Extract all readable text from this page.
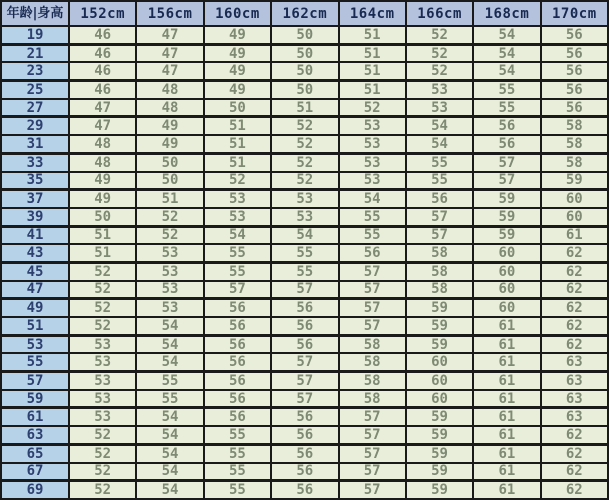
年龄|身高	152cm	156cm	160cm	162cm	164cm	166cm	168cm	170cm
19	46	47	49	50	51	52	54	56
21	46	47	49	50	51	52	54	56
23	46	47	49	50	51	52	54	56
25	46	48	49	50	51	53	55	56
27	47	48	50	51	52	53	55	56
29	47	49	51	52	53	54	56	58
31	48	49	51	52	53	54	56	58
33	48	50	51	52	53	55	57	58
35	49	50	52	52	53	55	57	59
37	49	51	53	53	54	56	59	60
39	50	52	53	53	55	57	59	60
41	51	52	54	54	55	57	59	61
43	51	53	55	55	56	58	60	62
45	52	53	55	55	57	58	60	62
47	52	53	57	57	57	58	60	62
49	52	53	56	56	57	59	60	62
51	52	54	56	56	57	59	61	62
53	53	54	56	56	58	59	61	62
55	53	54	56	57	58	60	61	63
57	53	55	56	57	58	60	61	63
59	53	55	56	57	58	60	61	63
61	53	54	56	56	57	59	61	63
63	52	54	55	56	57	59	61	62
65	52	54	55	56	57	59	61	62
67	52	54	55	56	57	59	61	62
69	52	54	55	56	57	59	61	62
